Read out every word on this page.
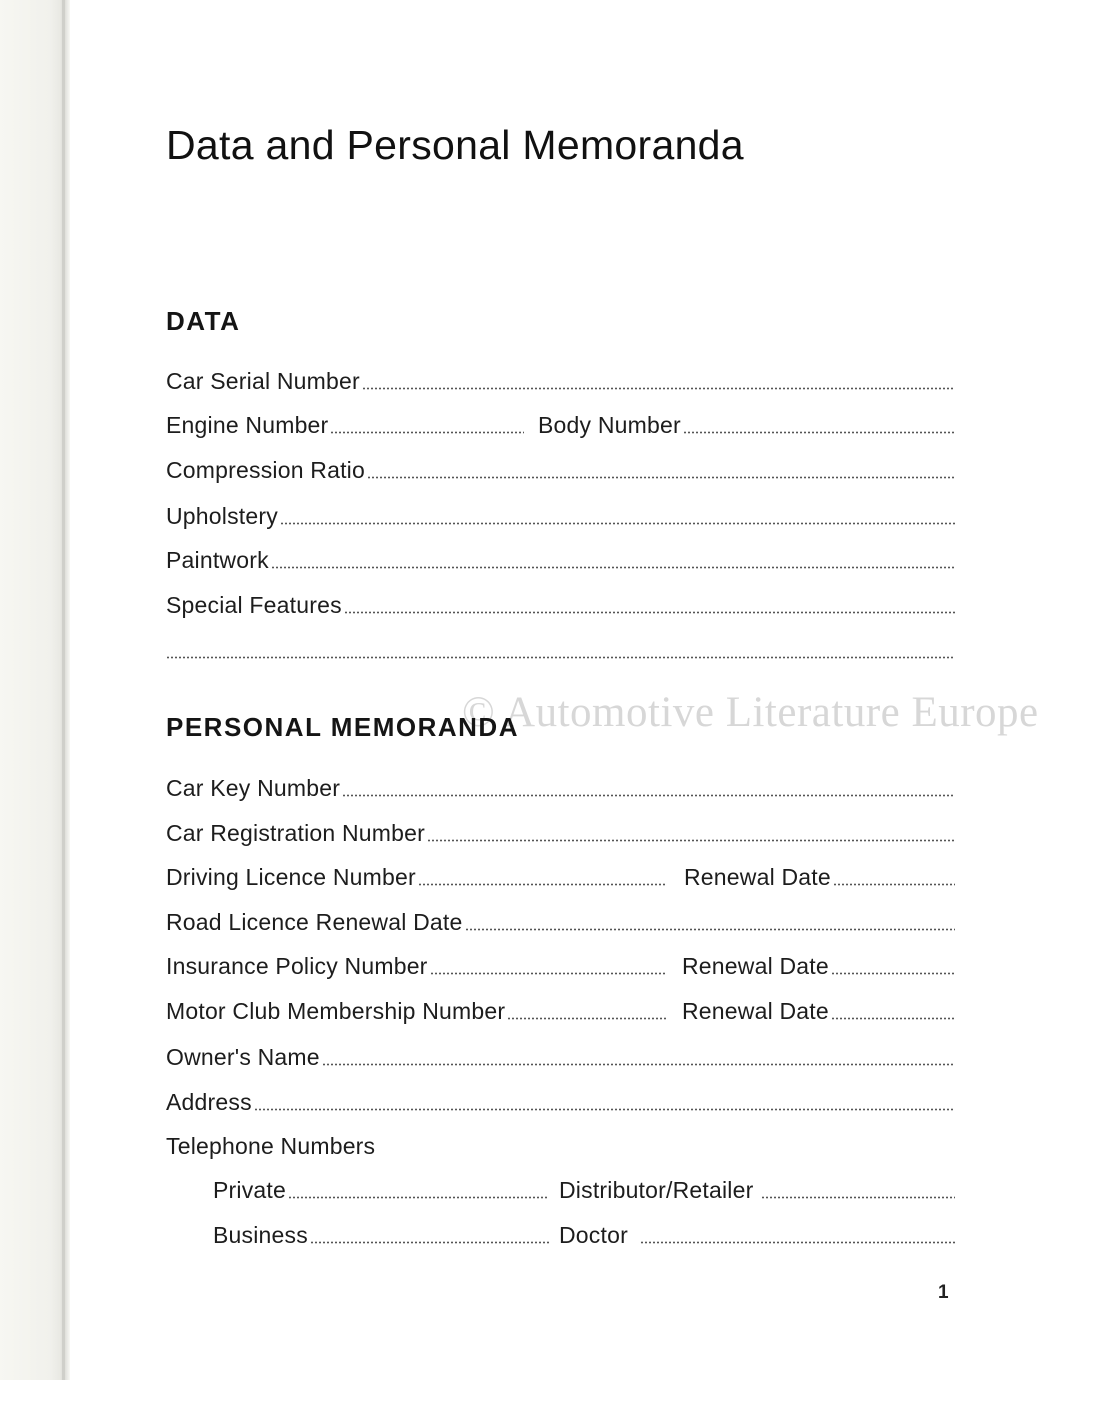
Data and Personal Memoranda
DATA
Car Serial Number
Engine Number	Body Number
Compression Ratio
Upholstery
Paintwork
Special Features
© Automotive Literature Europe
PERSONAL MEMORANDA
Car Key Number
Car Registration Number
Driving Licence Number	Renewal Date
Road Licence Renewal Date
Insurance Policy Number	Renewal Date
Motor Club Membership Number	Renewal Date
Owner's Name
Address
Telephone Numbers
Private	Distributor/Retailer
Business	Doctor
1
